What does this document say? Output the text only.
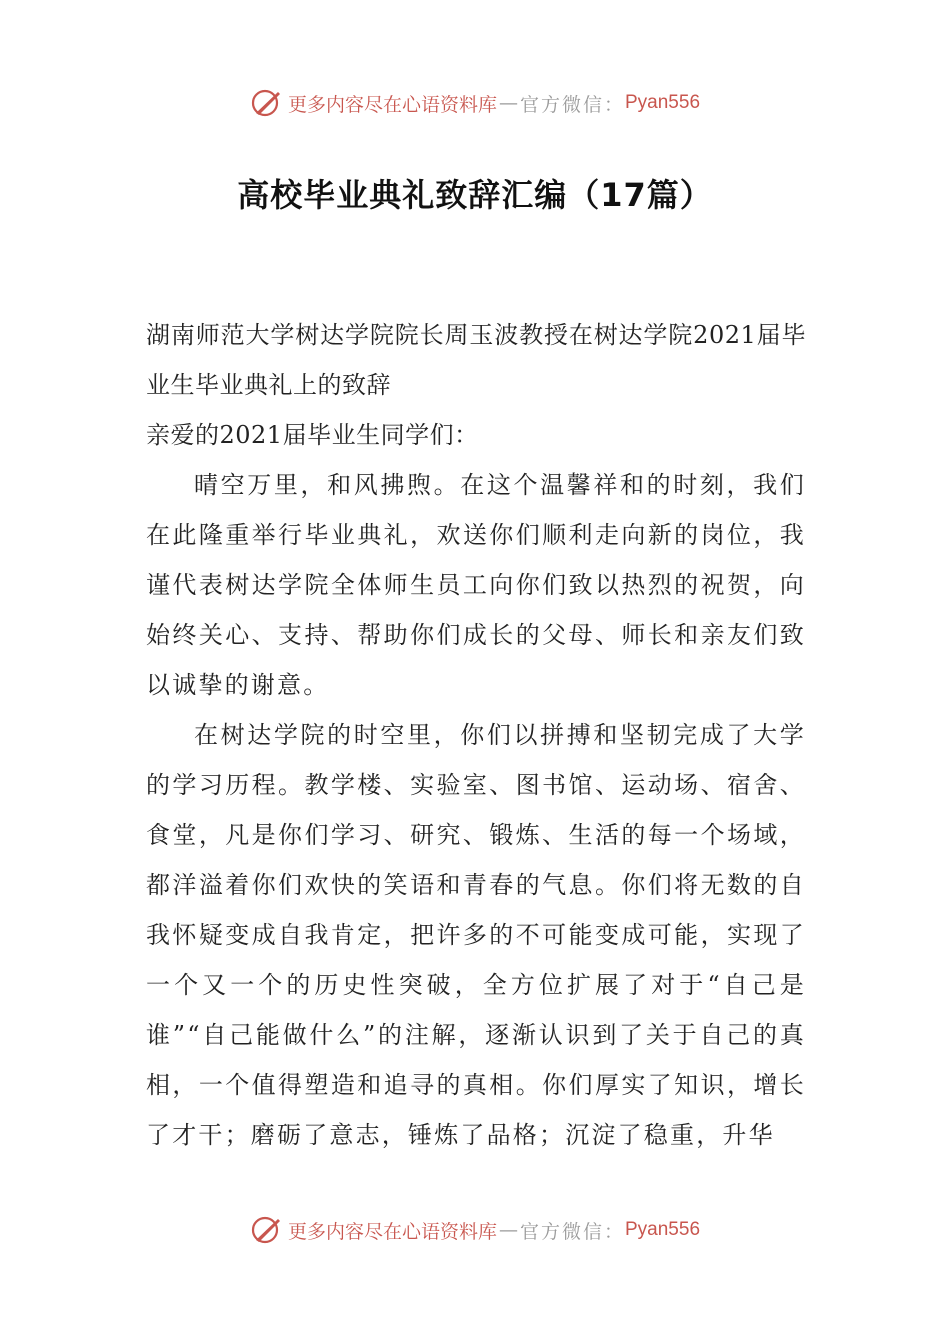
更多内容尽在心语资料库 — 官方微信： Pyan556
高校毕业典礼致辞汇编（17篇）

湖南师范大学树达学院院长周玉波教授在树达学院2021届毕业生毕业典礼上的致辞

亲爱的2021届毕业生同学们：

晴空万里，和风拂煦。在这个温馨祥和的时刻，我们在此隆重举行毕业典礼，欢送你们顺利走向新的岗位，我谨代表树达学院全体师生员工向你们致以热烈的祝贺，向始终关心、支持、帮助你们成长的父母、师长和亲友们致以诚挚的谢意。

在树达学院的时空里，你们以拼搏和坚韧完成了大学的学习历程。教学楼、实验室、图书馆、运动场、宿舍、食堂，凡是你们学习、研究、锻炼、生活的每一个场域，都洋溢着你们欢快的笑语和青春的气息。你们将无数的自我怀疑变成自我肯定，把许多的不可能变成可能，实现了一个又一个的历史性突破，全方位扩展了对于“自己是谁”“自己能做什么”的注解，逐渐认识到了关于自己的真相，一个值得塑造和追寻的真相。你们厚实了知识，增长了才干；磨砺了意志，锤炼了品格；沉淀了稳重，升华

更多内容尽在心语资料库 — 官方微信： Pyan556
